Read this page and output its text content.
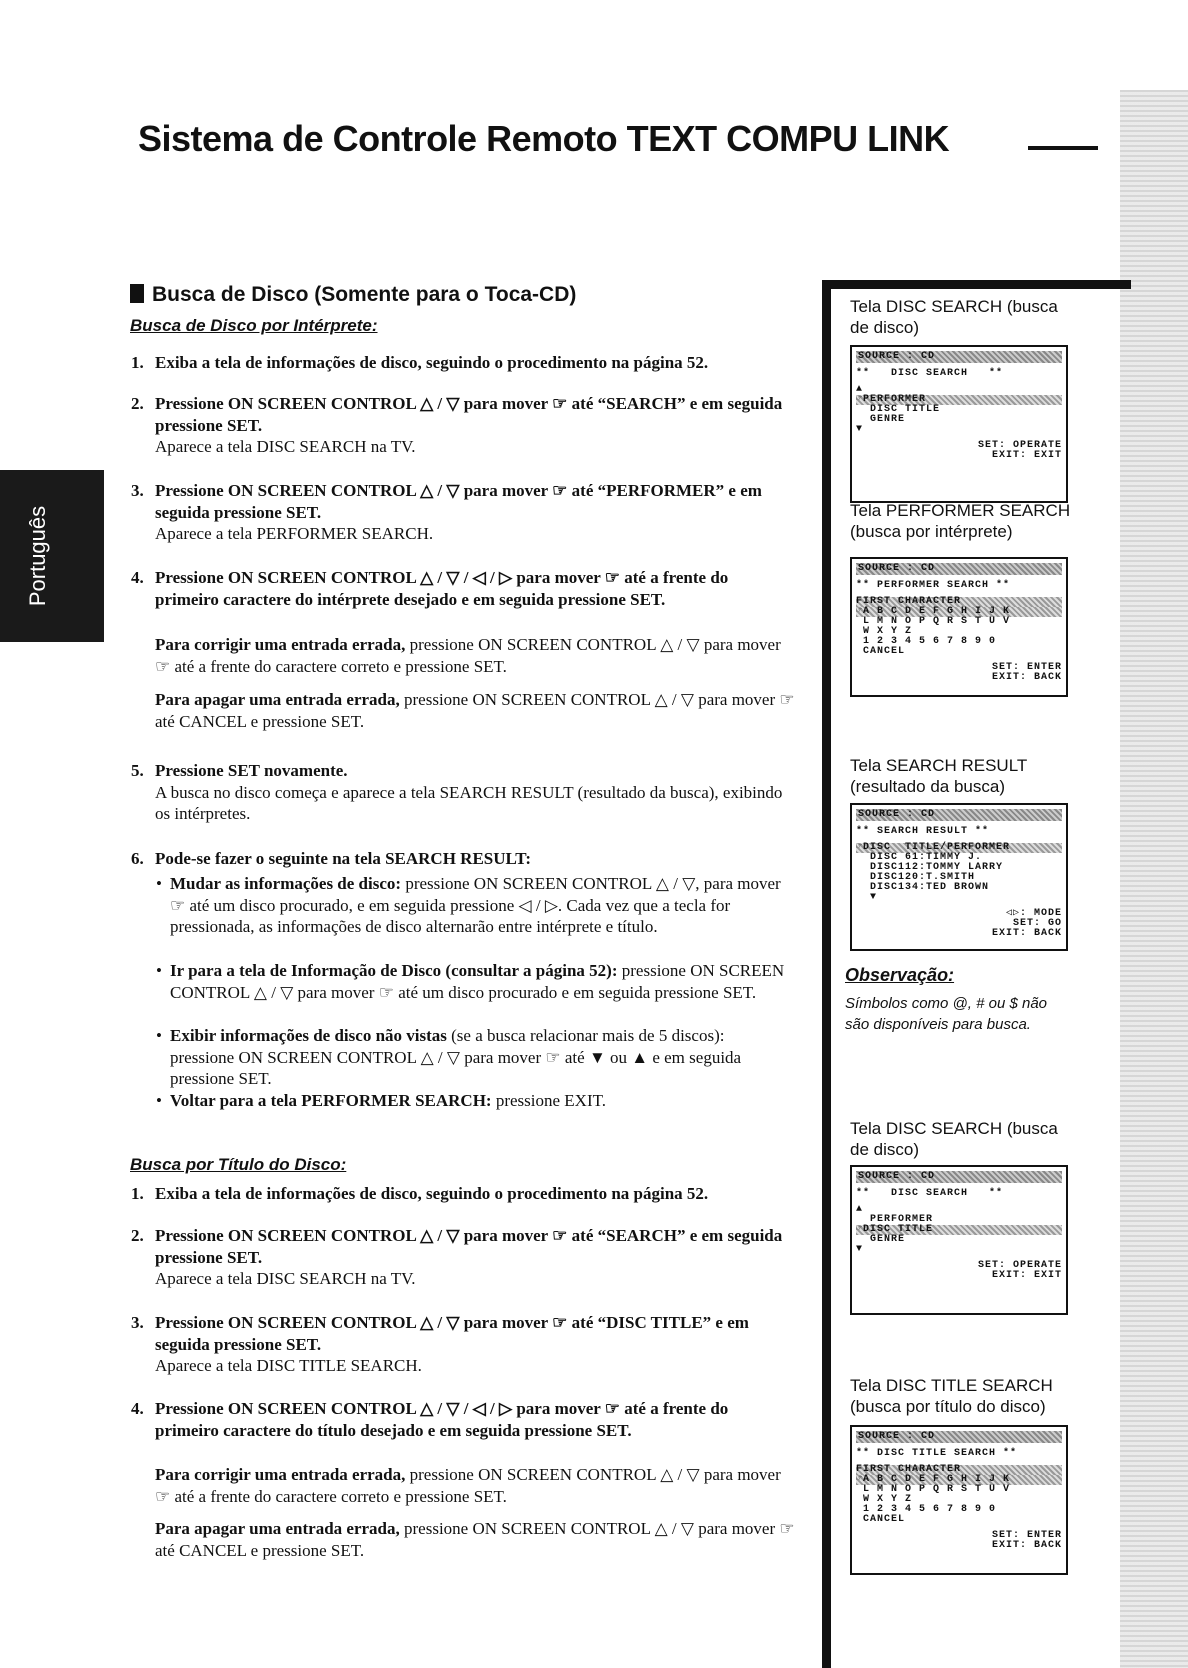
Sistema de Controle Remoto TEXT COMPU LINK
Português
Busca de Disco (Somente para o Toca-CD)
Busca de Disco por Intérprete:
Observação:
Símbolos como @, # ou $ não são disponíveis para busca.
Busca por Título do Disco:
1. Exiba a tela de informações de disco, seguindo o procedimento na página 52.
2. Pressione ON SCREEN CONTROL △ / ▽ para mover ☞ até “SEARCH” e em seguida pressione SET.
Aparece a tela DISC SEARCH na TV.
3. Pressione ON SCREEN CONTROL △ / ▽ para mover ☞ até “PERFORMER” e em seguida pressione SET.
Aparece a tela PERFORMER SEARCH.
4. Pressione ON SCREEN CONTROL △ / ▽ / ◁ / ▷ para mover ☞ até a frente do primeiro caractere do intérprete desejado e em seguida pressione SET.
5. Pressione SET novamente.
A busca no disco começa e aparece a tela SEARCH RESULT (resultado da busca), exibindo os intérpretes.
6. Pode-se fazer o seguinte na tela SEARCH RESULT:
Para corrigir uma entrada errada, pressione ON SCREEN CONTROL △ / ▽ para mover ☞ até a frente do caractere correto e pressione SET.
Para apagar uma entrada errada, pressione ON SCREEN CONTROL △ / ▽ para mover ☞ até CANCEL e pressione SET.
• Mudar as informações de disco: pressione ON SCREEN CONTROL △ / ▽, para mover ☞ até um disco procurado, e em seguida pressione ◁ / ▷. Cada vez que a tecla for pressionada, as informações de disco alternarão entre intérprete e título.
• Ir para a tela de Informação de Disco (consultar a página 52): pressione ON SCREEN CONTROL △ / ▽ para mover ☞ até um disco procurado e em seguida pressione SET.
• Exibir informações de disco não vistas (se a busca relacionar mais de 5 discos): pressione ON SCREEN CONTROL △ / ▽ para mover ☞ até ▼ ou ▲ e em seguida pressione SET.
• Voltar para a tela PERFORMER SEARCH: pressione EXIT.
1. Exiba a tela de informações de disco, seguindo o procedimento na página 52.
2. Pressione ON SCREEN CONTROL △ / ▽ para mover ☞ até “SEARCH” e em seguida pressione SET.
Aparece a tela DISC SEARCH na TV.
3. Pressione ON SCREEN CONTROL △ / ▽ para mover ☞ até “DISC TITLE” e em seguida pressione SET.
Aparece a tela DISC TITLE SEARCH.
4. Pressione ON SCREEN CONTROL △ / ▽ / ◁ / ▷ para mover ☞ até a frente do primeiro caractere do título desejado e em seguida pressione SET.
Para corrigir uma entrada errada, pressione ON SCREEN CONTROL △ / ▽ para mover ☞ até a frente do caractere correto e pressione SET.
Para apagar uma entrada errada, pressione ON SCREEN CONTROL △ / ▽ para mover ☞ até CANCEL e pressione SET.
Tela DISC SEARCH (busca de disco)
SOURCE : CD
**   DISC SEARCH   **
▲
☞PERFORMER
DISC TITLE
GENRE
▼
SET: OPERATE
EXIT: EXIT
Tela PERFORMER SEARCH (busca por intérprete)
SOURCE : CD
** PERFORMER SEARCH **
FIRST CHARACTER
☞A B C D E F G H I J K
L M N O P Q R S T U V
W X Y Z
1 2 3 4 5 6 7 8 9 0
CANCEL
SET: ENTER
EXIT: BACK
Tela SEARCH RESULT (resultado da busca)
SOURCE : CD
** SEARCH RESULT **
☞DISC  TITLE/PERFORMER
DISC 61:TIMMY J.
DISC112:TOMMY LARRY
DISC120:T.SMITH
DISC134:TED BROWN
▼
◁▷: MODE
SET: GO
EXIT: BACK
Tela DISC SEARCH (busca de disco)
SOURCE : CD
**   DISC SEARCH   **
▲
PERFORMER
☞DISC TITLE
GENRE
▼
SET: OPERATE
EXIT: EXIT
Tela DISC TITLE SEARCH (busca por título do disco)
SOURCE : CD
** DISC TITLE SEARCH **
FIRST CHARACTER
☞A B C D E F G H I J K
L M N O P Q R S T U V
W X Y Z
1 2 3 4 5 6 7 8 9 0
CANCEL
SET: ENTER
EXIT: BACK
